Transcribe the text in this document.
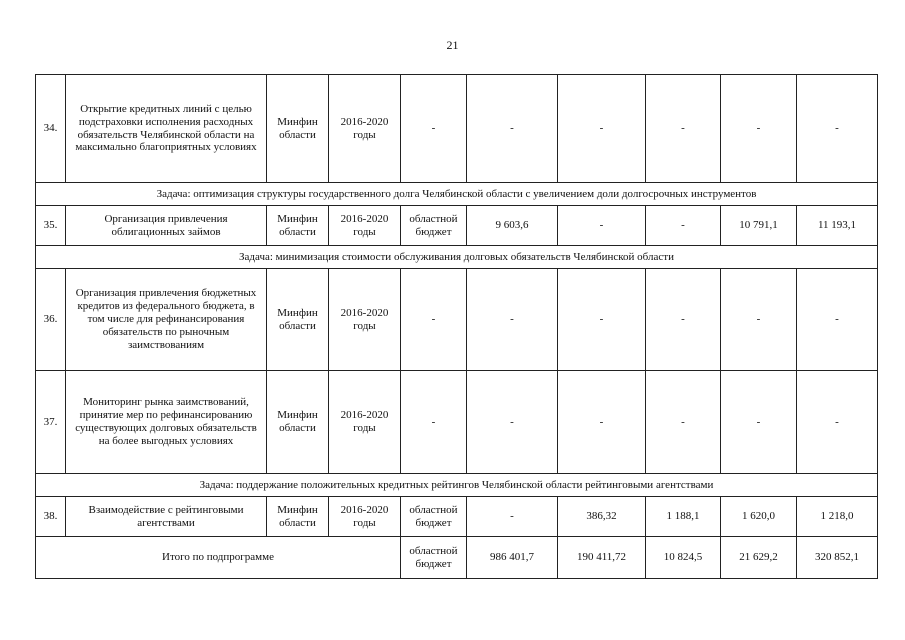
21
34.	Открытие кредитных линий с целью подстраховки исполнения расходных обязательств Челябинской области на максимально благоприятных условиях	Минфин области	2016-2020 годы	-	-	-	-	-	-
Задача: оптимизация структуры государственного долга Челябинской области с увеличением доли долгосрочных инструментов									
35.	Организация привлечения облигационных займов	Минфин области	2016-2020 годы	областной бюджет	9 603,6	-	-	10 791,1	11 193,1
Задача: минимизация стоимости обслуживания долговых обязательств Челябинской области									
36.	Организация привлечения бюджетных кредитов из федерального бюджета, в том числе для рефинансирования обязательств по рыночным заимствованиям	Минфин области	2016-2020 годы	-	-	-	-	-	-
37.	Мониторинг рынка заимствований, принятие мер по рефинансированию существующих долговых обязательств на более выгодных условиях	Минфин области	2016-2020 годы	-	-	-	-	-	-
Задача: поддержание положительных кредитных рейтингов Челябинской области рейтинговыми агентствами									
38.	Взаимодействие с рейтинговыми агентствами	Минфин области	2016-2020 годы	областной бюджет	-	386,32	1 188,1	1 620,0	1 218,0
Итого по подпрограмме				областной бюджет	986 401,7	190 411,72	10 824,5	21 629,2	320 852,1
